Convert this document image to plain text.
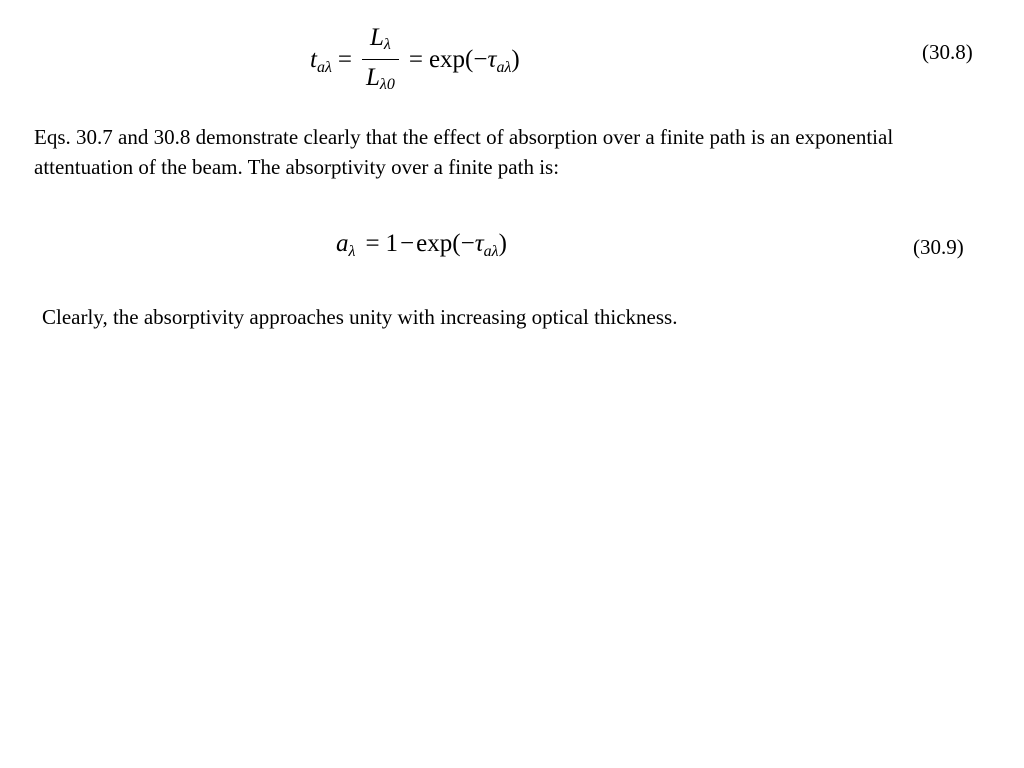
t $a\lambda = \frac{L\lambda}{L\lambda 0} = \exp(- \tau$ aλ )	(30.8)
Eqs. 30.7 and 30.8 demonstrate clearly that the effect of absorption over a finite path is an exponential attentuation of the beam. The absorptivity over a finite path is:
a λ = 1 − exp(− τ aλ )	(30.9)
Clearly, the absorptivity approaches unity with increasing optical thickness.
